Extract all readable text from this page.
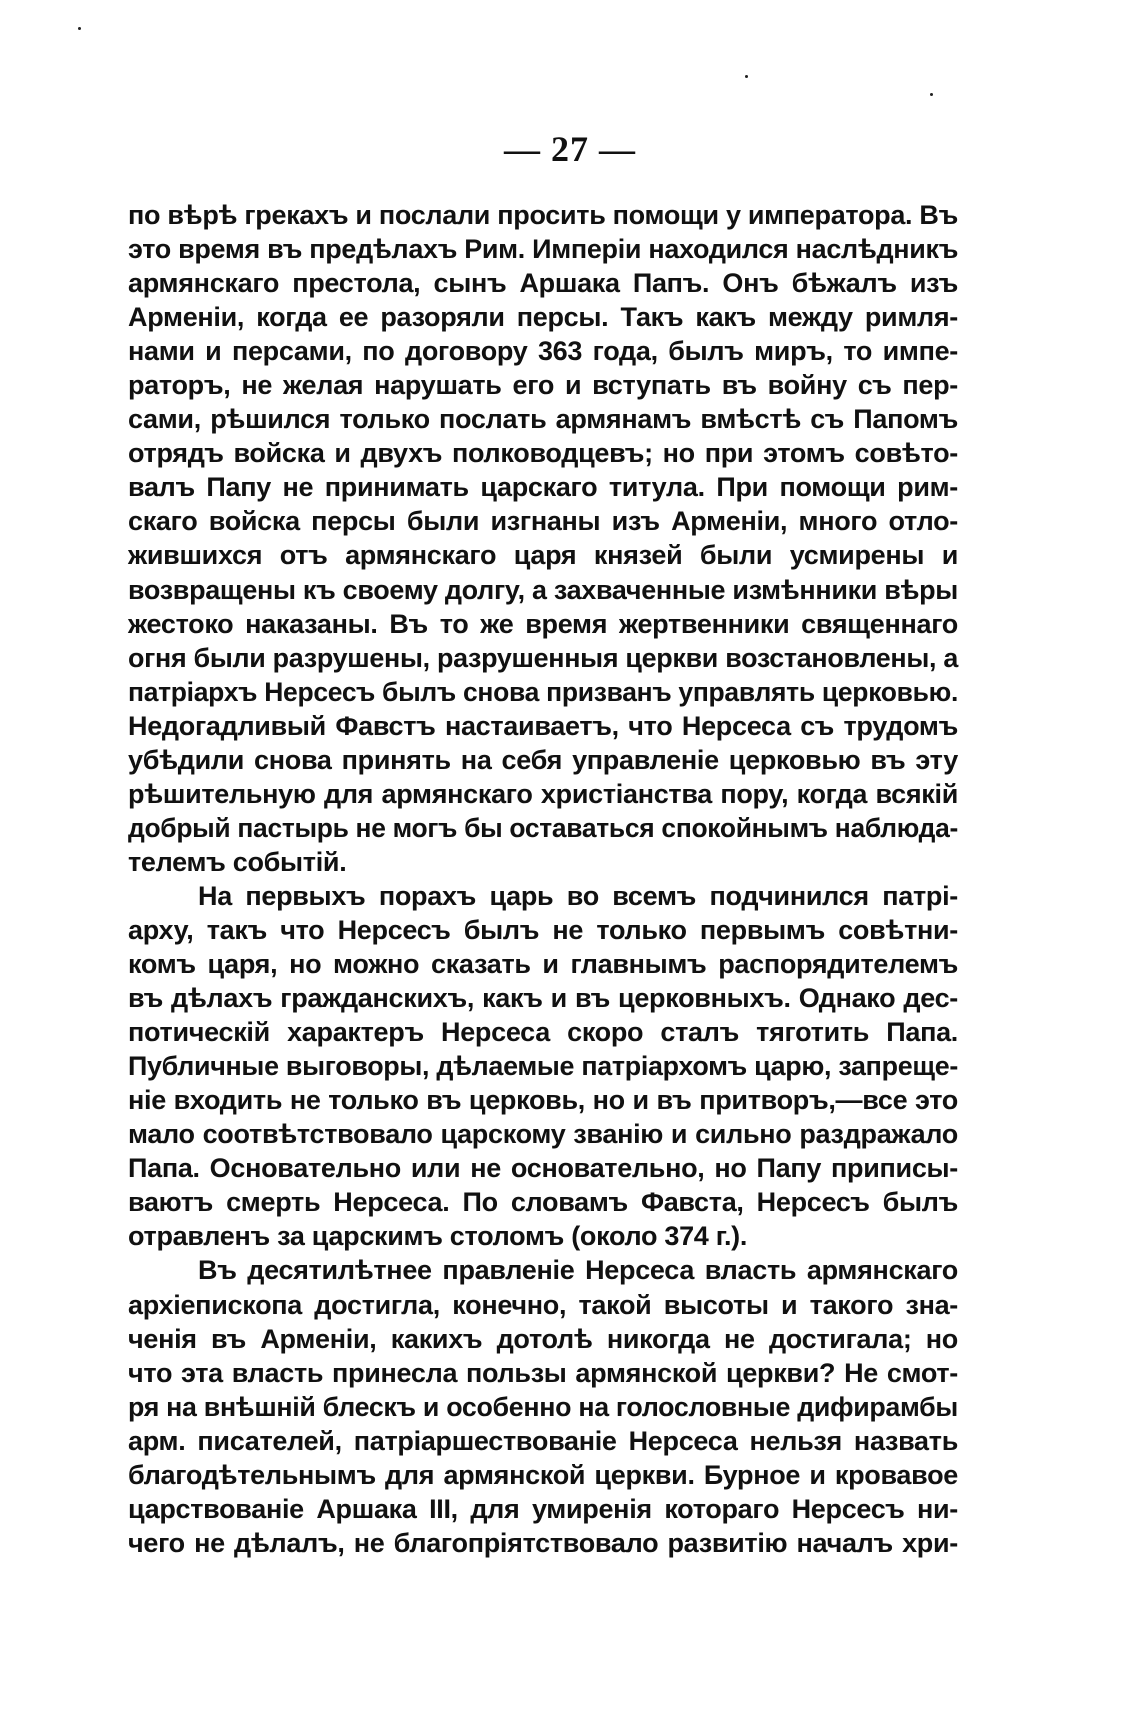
— 27 —
по вѣрѣ грекахъ и послали просить помощи у императора. Въ
это время въ предѣлахъ Рим. Имперіи находился наслѣдникъ
армянскаго престола, сынъ Аршака Папъ. Онъ бѣжалъ изъ
Арменіи, когда ее разоряли персы. Такъ какъ между римля-
нами и персами, по договору 363 года, былъ миръ, то импе-
раторъ, не желая нарушать его и вступать въ войну съ пер-
сами, рѣшился только послать армянамъ вмѣстѣ съ Папомъ
отрядъ войска и двухъ полководцевъ; но при этомъ совѣто-
валъ Папу не принимать царскаго титула. При помощи рим-
скаго войска персы были изгнаны изъ Арменіи, много отло-
жившихся отъ армянскаго царя князей были усмирены и
возвращены къ своему долгу, а захваченные измѣнники вѣры
жестоко наказаны. Въ то же время жертвенники священнаго
огня были разрушены, разрушенныя церкви возстановлены, а
патріархъ Нерсесъ былъ снова призванъ управлять церковью.
Недогадливый Фавстъ настаиваетъ, что Нерсеса съ трудомъ
убѣдили снова принять на себя управленіе церковью въ эту
рѣшительную для армянскаго христіанства пору, когда всякій
добрый пастырь не могъ бы оставаться спокойнымъ наблюда-
телемъ событій.
На первыхъ порахъ царь во всемъ подчинился патрі-
арху, такъ что Нерсесъ былъ не только первымъ совѣтни-
комъ царя, но можно сказать и главнымъ распорядителемъ
въ дѣлахъ гражданскихъ, какъ и въ церковныхъ. Однако дес-
потическій характеръ Нерсеса скоро сталъ тяготить Папа.
Публичные выговоры, дѣлаемые патріархомъ царю, запреще-
ніе входить не только въ церковь, но и въ притворъ,—все это
мало соотвѣтствовало царскому званію и сильно раздражало
Папа. Основательно или не основательно, но Папу приписы-
ваютъ смерть Нерсеса. По словамъ Фавста, Нерсесъ былъ
отравленъ за царскимъ столомъ (около 374 г.).
Въ десятилѣтнее правленіе Нерсеса власть армянскаго
архіепископа достигла, конечно, такой высоты и такого зна-
ченія въ Арменіи, какихъ дотолѣ никогда не достигала; но
что эта власть принесла пользы армянской церкви? Не смот-
ря на внѣшній блескъ и особенно на голословные дифирамбы
арм. писателей, патріаршествованіе Нерсеса нельзя назвать
благодѣтельнымъ для армянской церкви. Бурное и кровавое
царствованіе Аршака III, для умиренія котораго Нерсесъ ни-
чего не дѣлалъ, не благопріятствовало развитію началъ хри-
